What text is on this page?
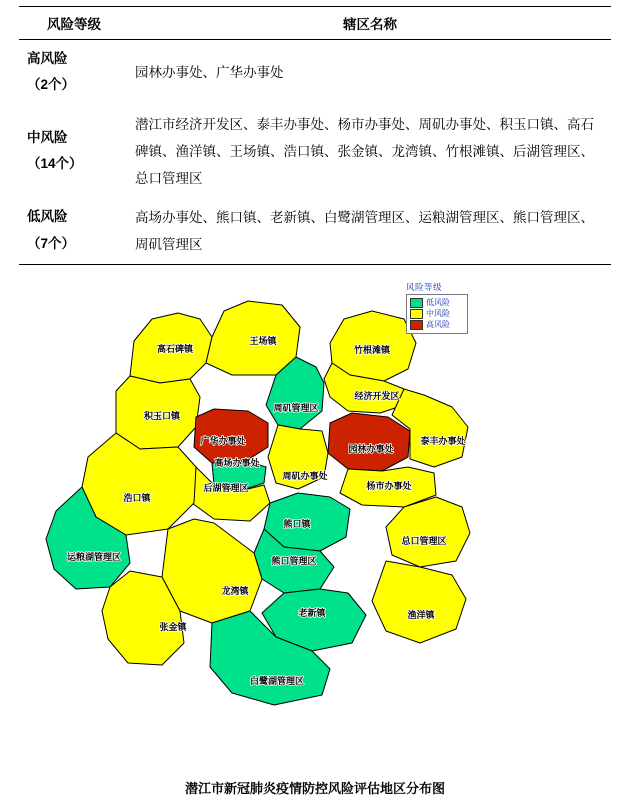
风险等级	辖区名称

高风险
（2个）	园林办事处、广华办事处

中风险
（14个）	潜江市经济开发区、泰丰办事处、杨市办事处、周矶办事处、积玉口镇、高石碑镇、渔洋镇、王场镇、浩口镇、张金镇、龙湾镇、竹根滩镇、后湖管理区、总口管理区

低风险
（7个）	高场办事处、熊口镇、老新镇、白鹭湖管理区、运粮湖管理区、熊口管理区、周矶管理区
高石碑镇
王场镇
竹根滩镇
经济开发区
积玉口镇
周矶管理区
广华办事处
高场办事处
园林办事处
泰丰办事处
周矶办事处
杨市办事处
后湖管理区
浩口镇
熊口镇
总口管理区
运粮湖管理区	熊口管理区
龙湾镇
老新镇	渔洋镇
张金镇
白鹭湖管理区
风险等级
低风险
中风险
高风险
潜江市新冠肺炎疫情防控风险评估地区分布图
